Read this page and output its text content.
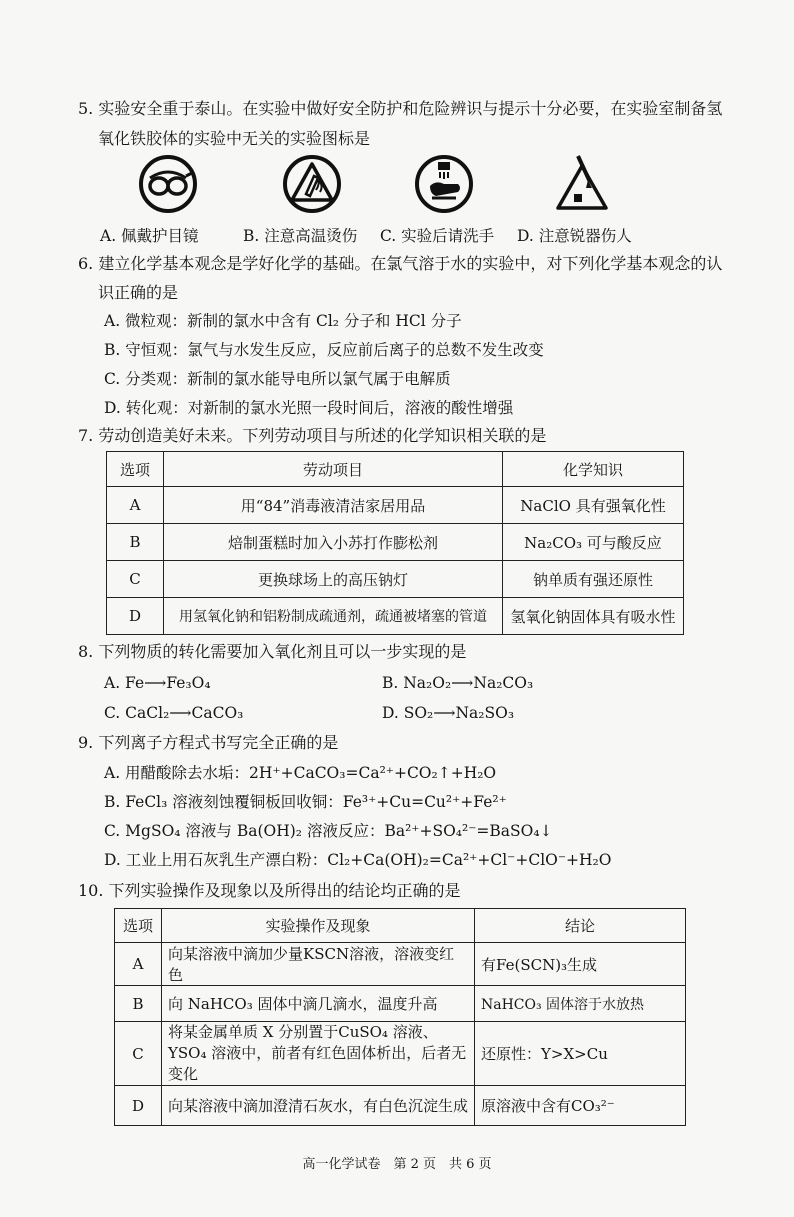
5. 实验安全重于泰山。在实验中做好安全防护和危险辨识与提示十分必要，在实验室制备氢
氧化铁胶体的实验中无关的实验图标是
A. 佩戴护目镜	B. 注意高温烫伤 C. 实验后请洗手 D. 注意锐器伤人
6. 建立化学基本观念是学好化学的基础。在氯气溶于水的实验中，对下列化学基本观念的认
识正确的是
A. 微粒观：新制的氯水中含有 Cl₂ 分子和 HCl 分子
B. 守恒观：氯气与水发生反应，反应前后离子的总数不发生改变
C. 分类观：新制的氯水能导电所以氯气属于电解质
D. 转化观：对新制的氯水光照一段时间后，溶液的酸性增强
7. 劳动创造美好未来。下列劳动项目与所述的化学知识相关联的是
选项	劳动项目	化学知识
A	用“84”消毒液清洁家居用品	NaClO 具有强氧化性
B	焙制蛋糕时加入小苏打作膨松剂	Na₂CO₃ 可与酸反应
C	更换球场上的高压钠灯	钠单质有强还原性
D	用氢氧化钠和铝粉制成疏通剂，疏通被堵塞的管道	氢氧化钠固体具有吸水性
8. 下列物质的转化需要加入氧化剂且可以一步实现的是
A. Fe⟶Fe₃O₄	B. Na₂O₂⟶Na₂CO₃
C. CaCl₂⟶CaCO₃	D. SO₂⟶Na₂SO₃
9. 下列离子方程式书写完全正确的是
A. 用醋酸除去水垢：2H⁺+CaCO₃=Ca²⁺+CO₂↑+H₂O
B. FeCl₃ 溶液刻蚀覆铜板回收铜：Fe³⁺+Cu=Cu²⁺+Fe²⁺
C. MgSO₄ 溶液与 Ba(OH)₂ 溶液反应：Ba²⁺+SO₄²⁻=BaSO₄↓
D. 工业上用石灰乳生产漂白粉：Cl₂+Ca(OH)₂=Ca²⁺+Cl⁻+ClO⁻+H₂O
10. 下列实验操作及现象以及所得出的结论均正确的是
选项	实验操作及现象	结论
A	向某溶液中滴加少量KSCN溶液，溶液变红色	有Fe(SCN)₃生成
B	向 NaHCO₃ 固体中滴几滴水，温度升高	NaHCO₃ 固体溶于水放热
C	将某金属单质 X 分别置于CuSO₄ 溶液、YSO₄ 溶液中，前者有红色固体析出，后者无变化	还原性：Y>X>Cu
D	向某溶液中滴加澄清石灰水，有白色沉淀生成	原溶液中含有CO₃²⁻
高一化学试卷　第 2 页　共 6 页
